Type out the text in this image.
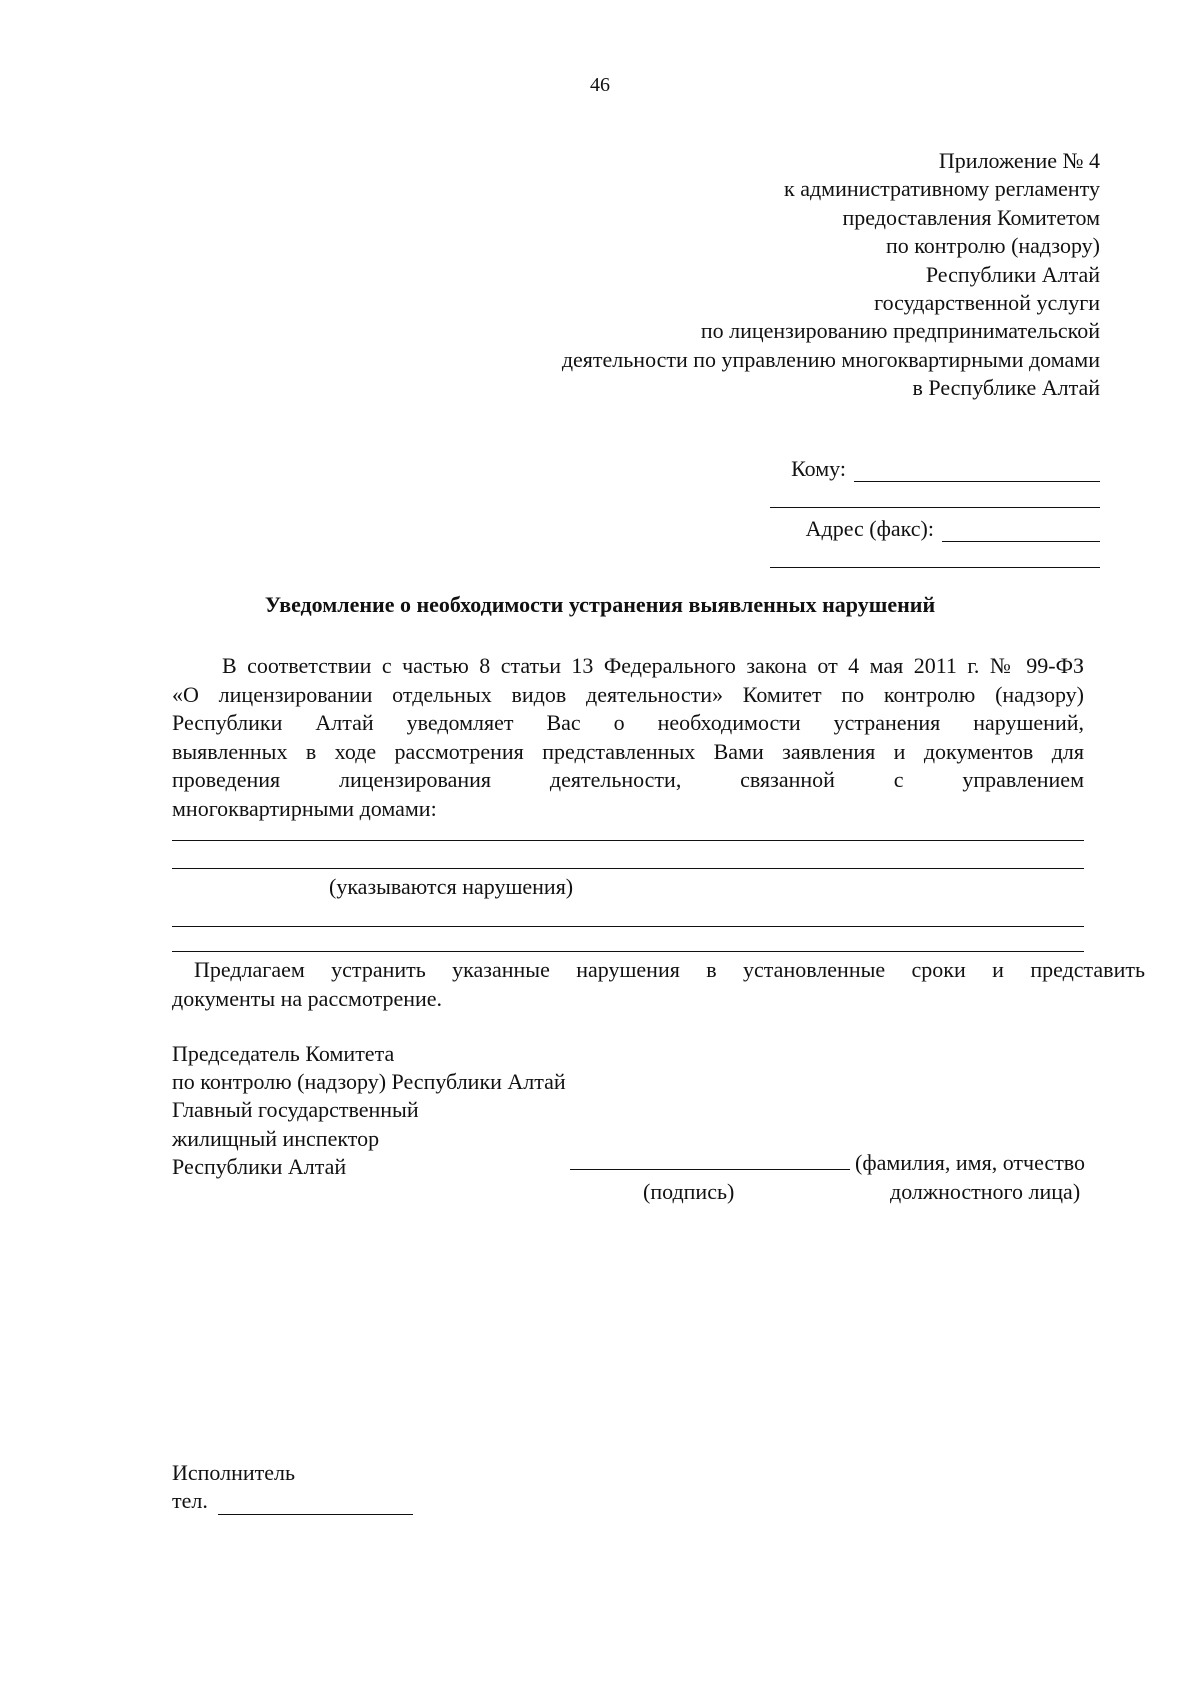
46
Приложение № 4
к административному регламенту
предоставления Комитетом
по контролю (надзору)
Республики Алтай
государственной услуги
по лицензированию предпринимательской
деятельности по управлению многоквартирными домами
в Республике Алтай
Кому:
Адрес (факс):
Уведомление о необходимости устранения выявленных нарушений
В соответствии с частью 8 статьи 13 Федерального закона от 4 мая 2011 г. № 99-ФЗ
«О лицензировании отдельных видов деятельности» Комитет по контролю (надзору)
Республики Алтай уведомляет Вас о необходимости устранения нарушений,
выявленных в ходе рассмотрения представленных Вами заявления и документов для
проведения лицензирования деятельности, связанной с управлением
многоквартирными домами:
(указываются нарушения)
Предлагаем устранить указанные нарушения в установленные сроки и представить
документы на рассмотрение.
Председатель Комитета
по контролю (надзору) Республики Алтай
Главный государственный
жилищный инспектор
Республики Алтай	(фамилия, имя, отчество
(подпись)	должностного лица)
Исполнитель
тел.
